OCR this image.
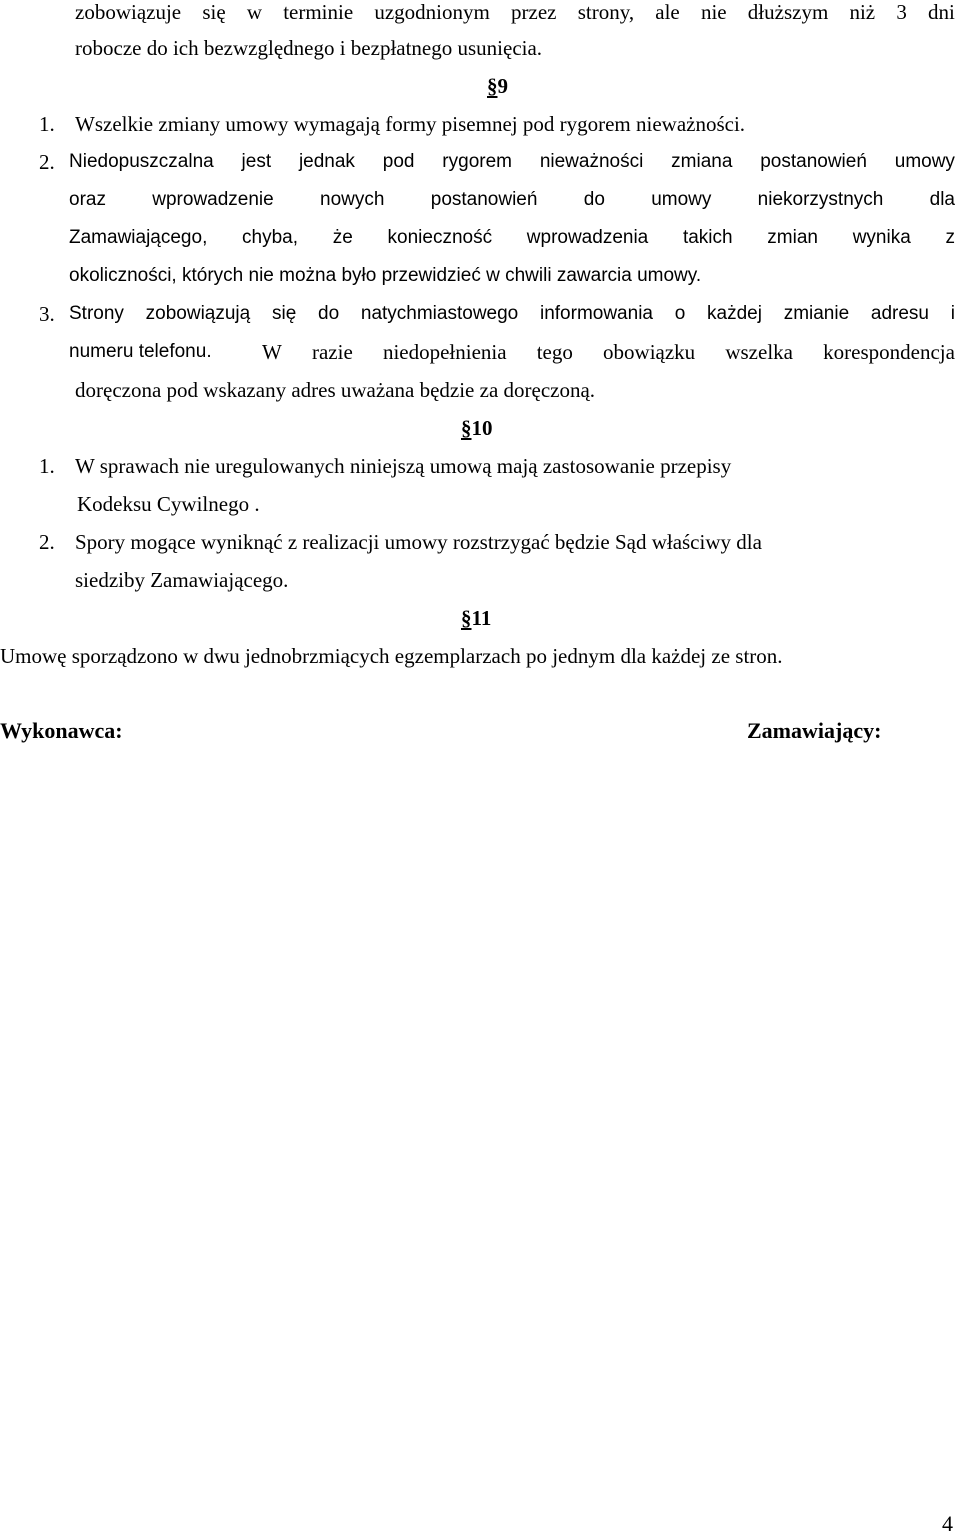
zobowiązuje się w terminie uzgodnionym przez strony, ale nie dłuższym niż 3 dni
robocze do ich bezwzględnego i bezpłatnego usunięcia.
§9
1. Wszelkie zmiany umowy wymagają formy pisemnej pod rygorem nieważności.
2. Niedopuszczalna jest jednak pod rygorem nieważności zmiana postanowień umowy
oraz wprowadzenie nowych postanowień do umowy niekorzystnych dla
Zamawiającego, chyba, że konieczność wprowadzenia takich zmian wynika z
okoliczności, których nie można było przewidzieć w chwili zawarcia umowy.
3. Strony zobowiązują się do natychmiastowego informowania o każdej zmianie adresu i
numeru telefonu. W razie niedopełnienia tego obowiązku wszelka korespondencja
doręczona pod wskazany adres uważana będzie za doręczoną.
§10
1. W sprawach nie uregulowanych niniejszą umową mają zastosowanie przepisy
Kodeksu Cywilnego .
2. Spory mogące wyniknąć z realizacji umowy rozstrzygać będzie Sąd właściwy dla
siedziby Zamawiającego.
§11
Umowę sporządzono w dwu jednobrzmiących egzemplarzach po jednym dla każdej ze stron.
Wykonawca:	Zamawiający:
4
